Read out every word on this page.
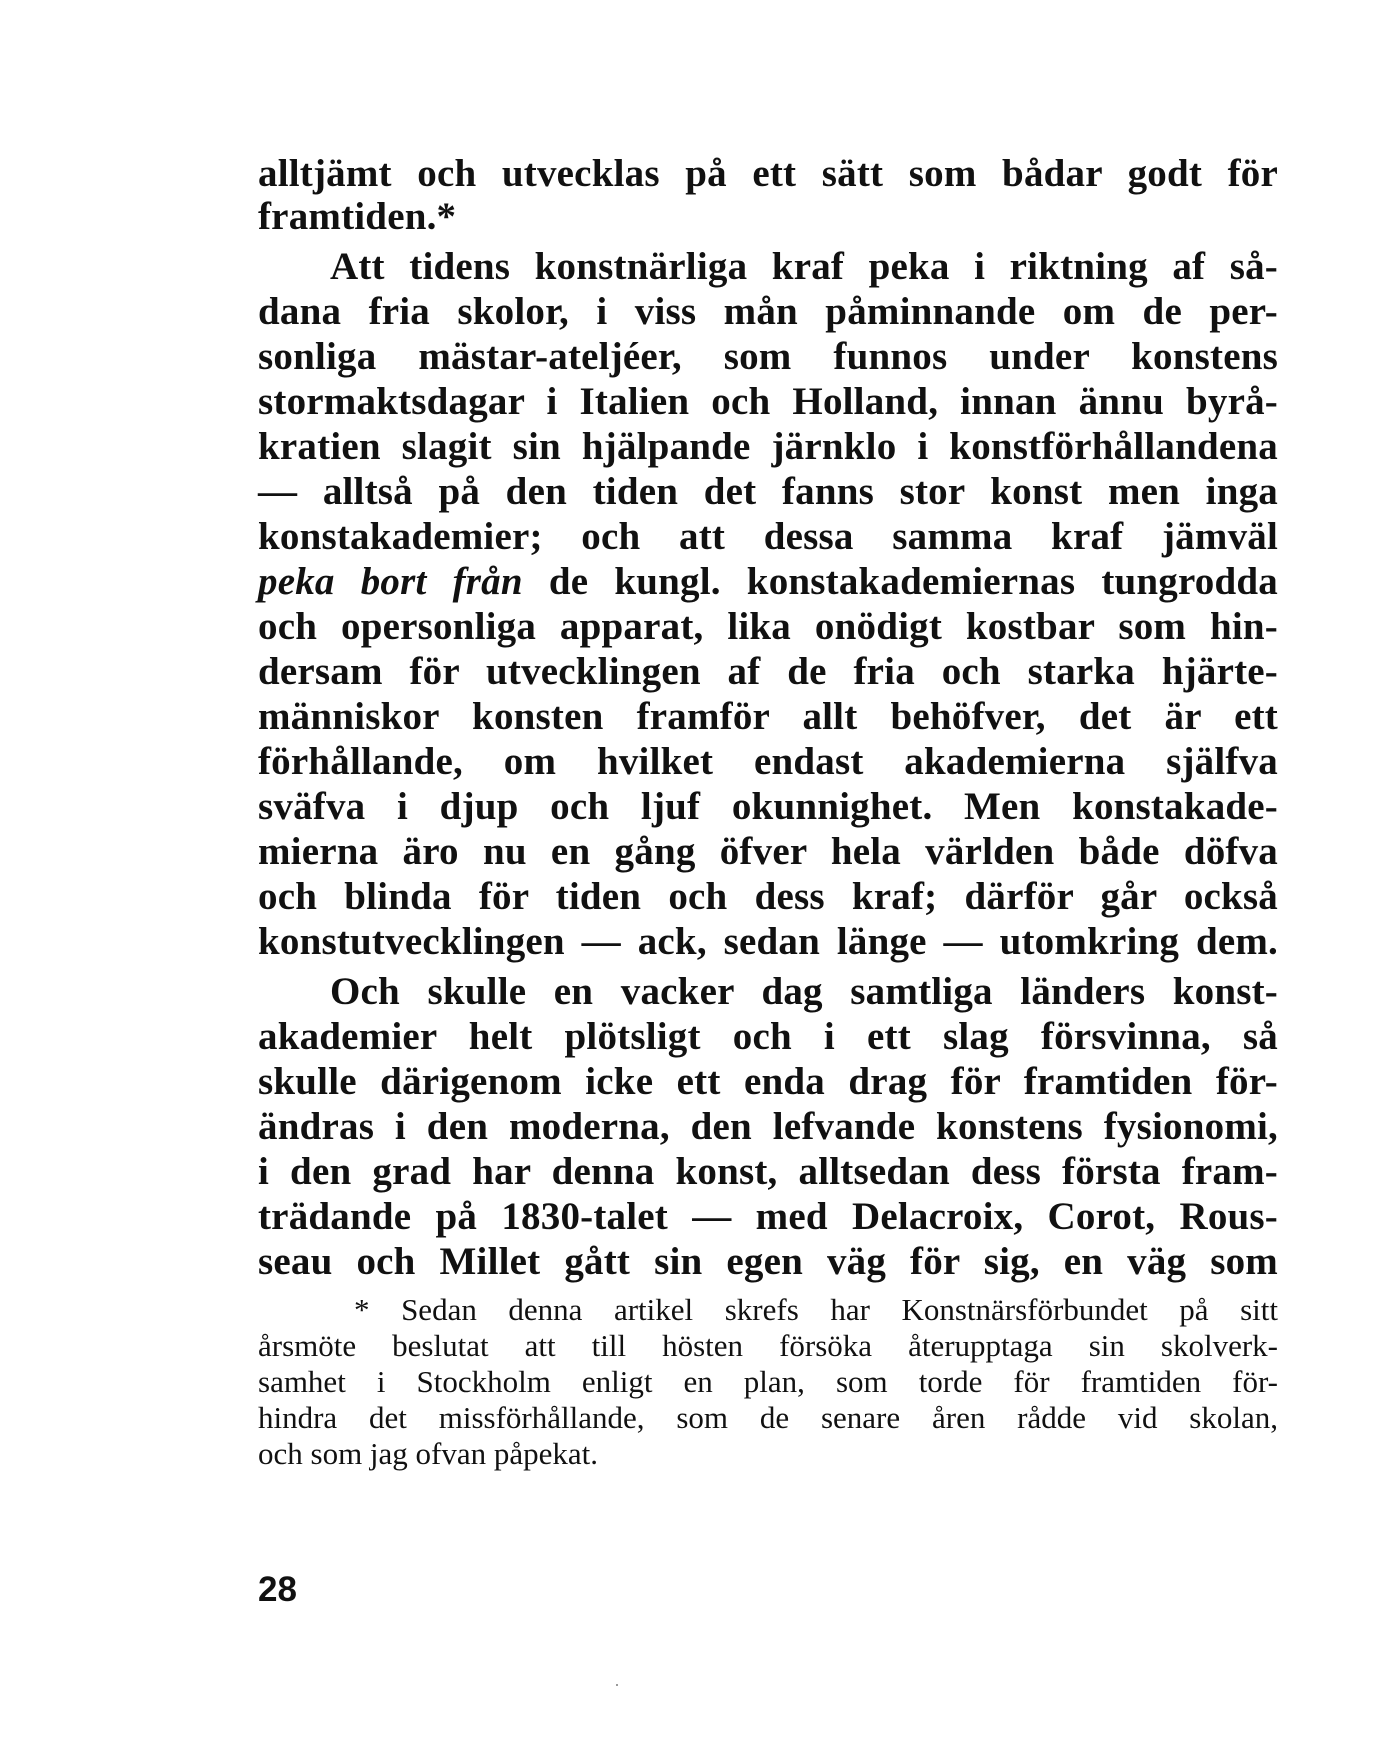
alltjämt och utvecklas på ett sätt som bådar godt för
framtiden.*
Att tidens konstnärliga kraf peka i riktning af så-
dana fria skolor, i viss mån påminnande om de per-
sonliga mästar-ateljéer, som funnos under konstens
stormaktsdagar i Italien och Holland, innan ännu byrå-
kratien slagit sin hjälpande järnklo i konstförhållandena
— alltså på den tiden det fanns stor konst men inga
konstakademier; och att dessa samma kraf jämväl
peka bort från de kungl. konstakademiernas tungrodda
och opersonliga apparat, lika onödigt kostbar som hin-
dersam för utvecklingen af de fria och starka hjärte-
människor konsten framför allt behöfver, det är ett
förhållande, om hvilket endast akademierna själfva
sväfva i djup och ljuf okunnighet. Men konstakade-
mierna äro nu en gång öfver hela världen både döfva
och blinda för tiden och dess kraf; därför går också
konstutvecklingen — ack, sedan länge — utomkring dem.
Och skulle en vacker dag samtliga länders konst-
akademier helt plötsligt och i ett slag försvinna, så
skulle därigenom icke ett enda drag för framtiden för-
ändras i den moderna, den lefvande konstens fysionomi,
i den grad har denna konst, alltsedan dess första fram-
trädande på 1830-talet — med Delacroix, Corot, Rous-
seau och Millet gått sin egen väg för sig, en väg som
* Sedan denna artikel skrefs har Konstnärsförbundet på sitt
årsmöte beslutat att till hösten försöka återupptaga sin skolverk-
samhet i Stockholm enligt en plan, som torde för framtiden för-
hindra det missförhållande, som de senare åren rådde vid skolan,
och som jag ofvan påpekat.
28
